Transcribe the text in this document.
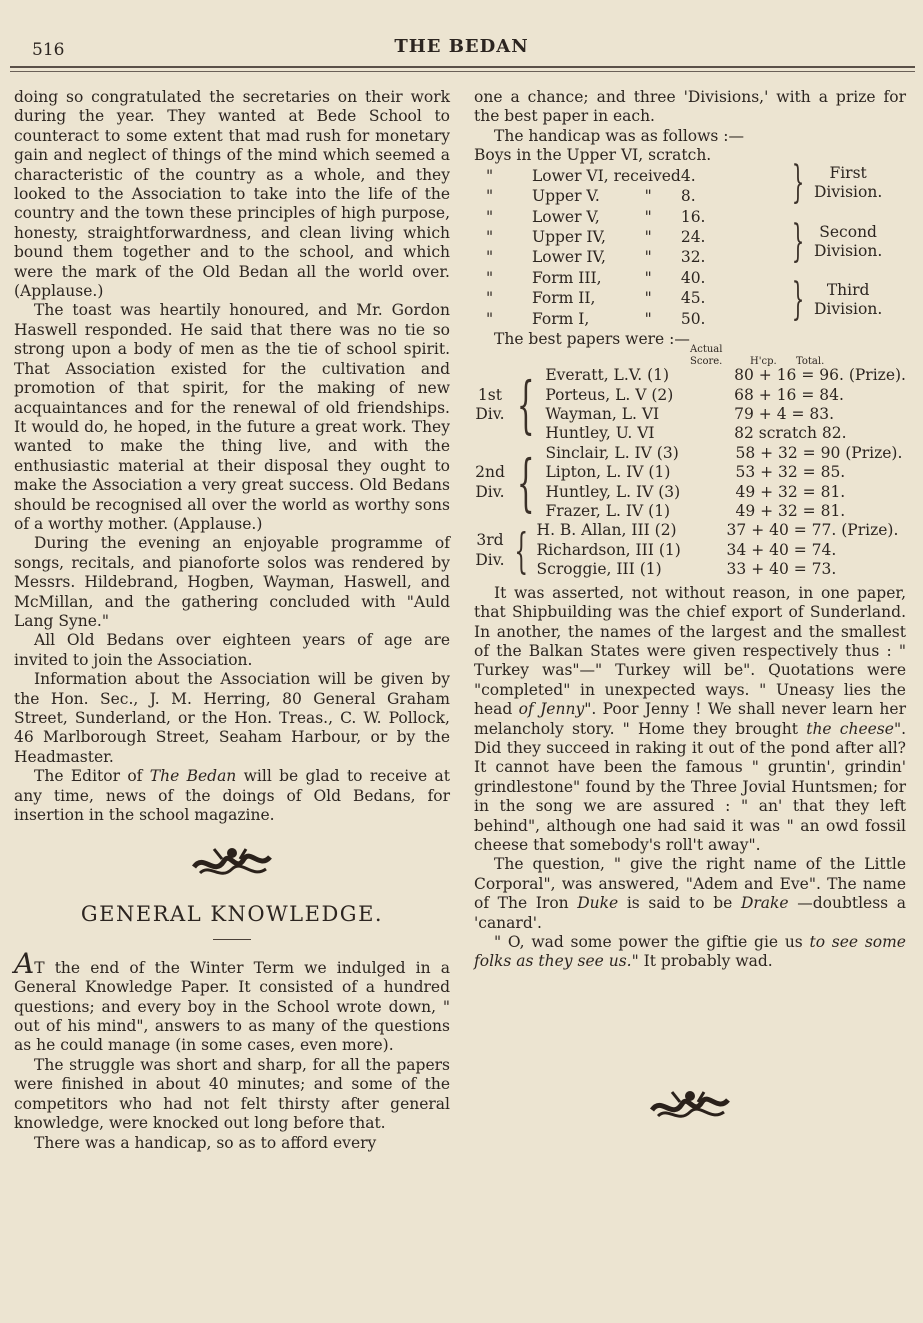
516	THE BEDAN

doing so congratulated the secretaries on their work during the year. They wanted at Bede School to counteract to some extent that mad rush for monetary gain and neglect of things of the mind which seemed a characteristic of the country as a whole, and they looked to the Association to take into the life of the country and the town these principles of high purpose, honesty, straightforwardness, and clean living which bound them together and to the school, and which were the mark of the Old Bedan all the world over. (Applause.)

The toast was heartily honoured, and Mr. Gordon Haswell responded. He said that there was no tie so strong upon a body of men as the tie of school spirit. That Association existed for the cultivation and promotion of that spirit, for the making of new acquaintances and for the renewal of old friendships. It would do, he hoped, in the future a great work. They wanted to make the thing live, and with the enthusiastic material at their disposal they ought to make the Association a very great success. Old Bedans should be recognised all over the world as worthy sons of a worthy mother. (Applause.)

During the evening an enjoyable programme of songs, recitals, and pianoforte solos was rendered by Messrs. Hildebrand, Hogben, Wayman, Haswell, and McMillan, and the gathering concluded with "Auld Lang Syne."

All Old Bedans over eighteen years of age are invited to join the Association.

Information about the Association will be given by the Hon. Sec., J. M. Herring, 80 General Graham Street, Sunderland, or the Hon. Treas., C. W. Pollock, 46 Marlborough Street, Seaham Harbour, or by the Headmaster.

The Editor of The Bedan will be glad to receive at any time, news of the doings of Old Bedans, for insertion in the school magazine.

GENERAL KNOWLEDGE.

AT the end of the Winter Term we indulged in a General Knowledge Paper. It consisted of a hundred questions; and every boy in the School wrote down, " out of his mind", answers to as many of the questions as he could manage (in some cases, even more).

The struggle was short and sharp, for all the papers were finished in about 40 minutes; and some of the competitors who had not felt thirsty after general knowledge, were knocked out long before that.

There was a handicap, so as to afford every

one a chance; and three 'Divisions,' with a prize for the best paper in each.

The handicap was as follows :—

Boys in the Upper VI, scratch.			
"	Lower VI, received		4.
"	Upper V.	"	8.
"	Lower V,	"	16.
"	Upper IV,	"	24.
"	Lower IV,	"	32.
"	Form III,	"	40.
"	Form II,	"	45.
"	Form I,	"	50.
}	First
Division.
} Second
Division.
}	Third
Division.
The best papers were :—
Actual
Score.	H'cp. Total.
1st Div. { Everatt, L.V. (1)	80 + 16 = 96. (Prize).
Porteus, L. V (2)	68 + 16 = 84.
Wayman, L. VI	79 + 4 = 83.
Huntley, U. VI	82 scratch 82.
2nd Div. { Sinclair, L. IV (3)	58 + 32 = 90 (Prize).
Lipton, L. IV (1)	53 + 32 = 85.
Huntley, L. IV (3)	49 + 32 = 81.
Frazer, L. IV (1)	49 + 32 = 81.
3rd Div. { H. B. Allan, III (2)	37 + 40 = 77. (Prize).
Richardson, III (1)	34 + 40 = 74.
Scroggie, III (1)	33 + 40 = 73.

It was asserted, not without reason, in one paper, that Shipbuilding was the chief export of Sunderland. In another, the names of the largest and the smallest of the Balkan States were given respectively thus : " Turkey was"—" Turkey will be". Quotations were "completed" in unexpected ways. " Uneasy lies the head of Jenny". Poor Jenny ! We shall never learn her melancholy story. " Home they brought the cheese". Did they succeed in raking it out of the pond after all? It cannot have been the famous " gruntin', grindin' grindlestone" found by the Three Jovial Huntsmen; for in the song we are assured : " an' that they left behind", although one had said it was " an owd fossil cheese that somebody's roll't away".

The question, " give the right name of the Little Corporal", was answered, "Adem and Eve". The name of The Iron Duke is said to be Drake —doubtless a 'canard'.

" O, wad some power the giftie gie us to see some folks as they see us." It probably wad.
